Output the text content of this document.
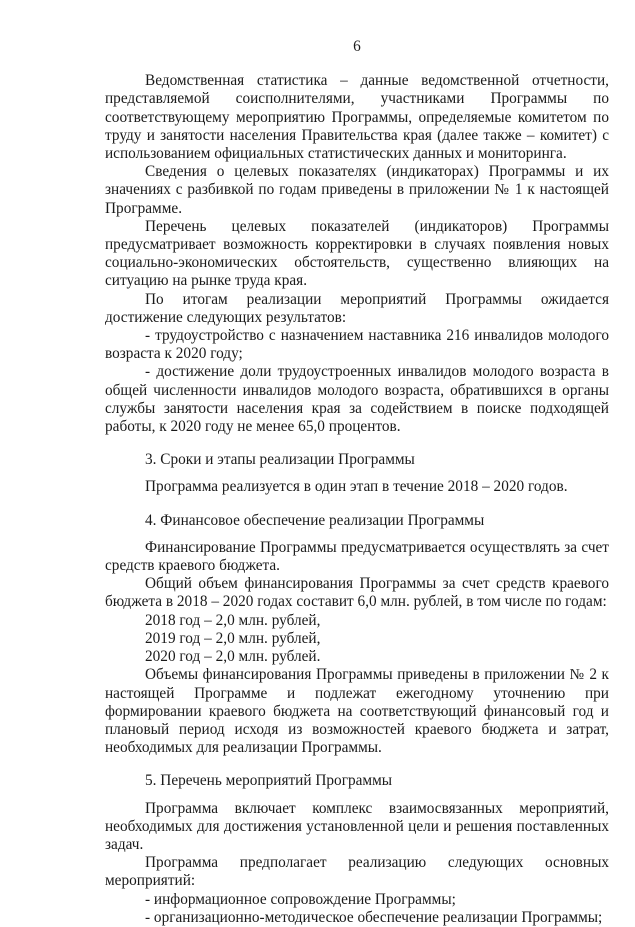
6

Ведомственная статистика – данные ведомственной отчетности, представляемой соисполнителями, участниками Программы по соответствующему мероприятию Программы, определяемые комитетом по труду и занятости населения Правительства края (далее также – комитет) с использованием официальных статистических данных и мониторинга.

Сведения о целевых показателях (индикаторах) Программы и их значениях с разбивкой по годам приведены в приложении № 1 к настоящей Программе.

Перечень целевых показателей (индикаторов) Программы предусматривает возможность корректировки в случаях появления новых социально-экономических обстоятельств, существенно влияющих на ситуацию на рынке труда края.

По итогам реализации мероприятий Программы ожидается достижение следующих результатов:

- трудоустройство с назначением наставника 216 инвалидов молодого возраста к 2020 году;

- достижение доли трудоустроенных инвалидов молодого возраста в общей численности инвалидов молодого возраста, обратившихся в органы службы занятости населения края за содействием в поиске подходящей работы, к 2020 году не менее 65,0 процентов.

3. Сроки и этапы реализации Программы

Программа реализуется в один этап в течение 2018 – 2020 годов.

4. Финансовое обеспечение реализации Программы

Финансирование Программы предусматривается осуществлять за счет средств краевого бюджета.

Общий объем финансирования Программы за счет средств краевого бюджета в 2018 – 2020 годах составит 6,0 млн. рублей, в том числе по годам:

2018 год – 2,0 млн. рублей,

2019 год – 2,0 млн. рублей,

2020 год – 2,0 млн. рублей.

Объемы финансирования Программы приведены в приложении № 2 к настоящей Программе и подлежат ежегодному уточнению при формировании краевого бюджета на соответствующий финансовый год и плановый период исходя из возможностей краевого бюджета и затрат, необходимых для реализации Программы.

5. Перечень мероприятий Программы

Программа включает комплекс взаимосвязанных мероприятий, необходимых для достижения установленной цели и решения поставленных задач.

Программа предполагает реализацию следующих основных мероприятий:

- информационное сопровождение Программы;

- организационно-методическое обеспечение реализации Программы;
